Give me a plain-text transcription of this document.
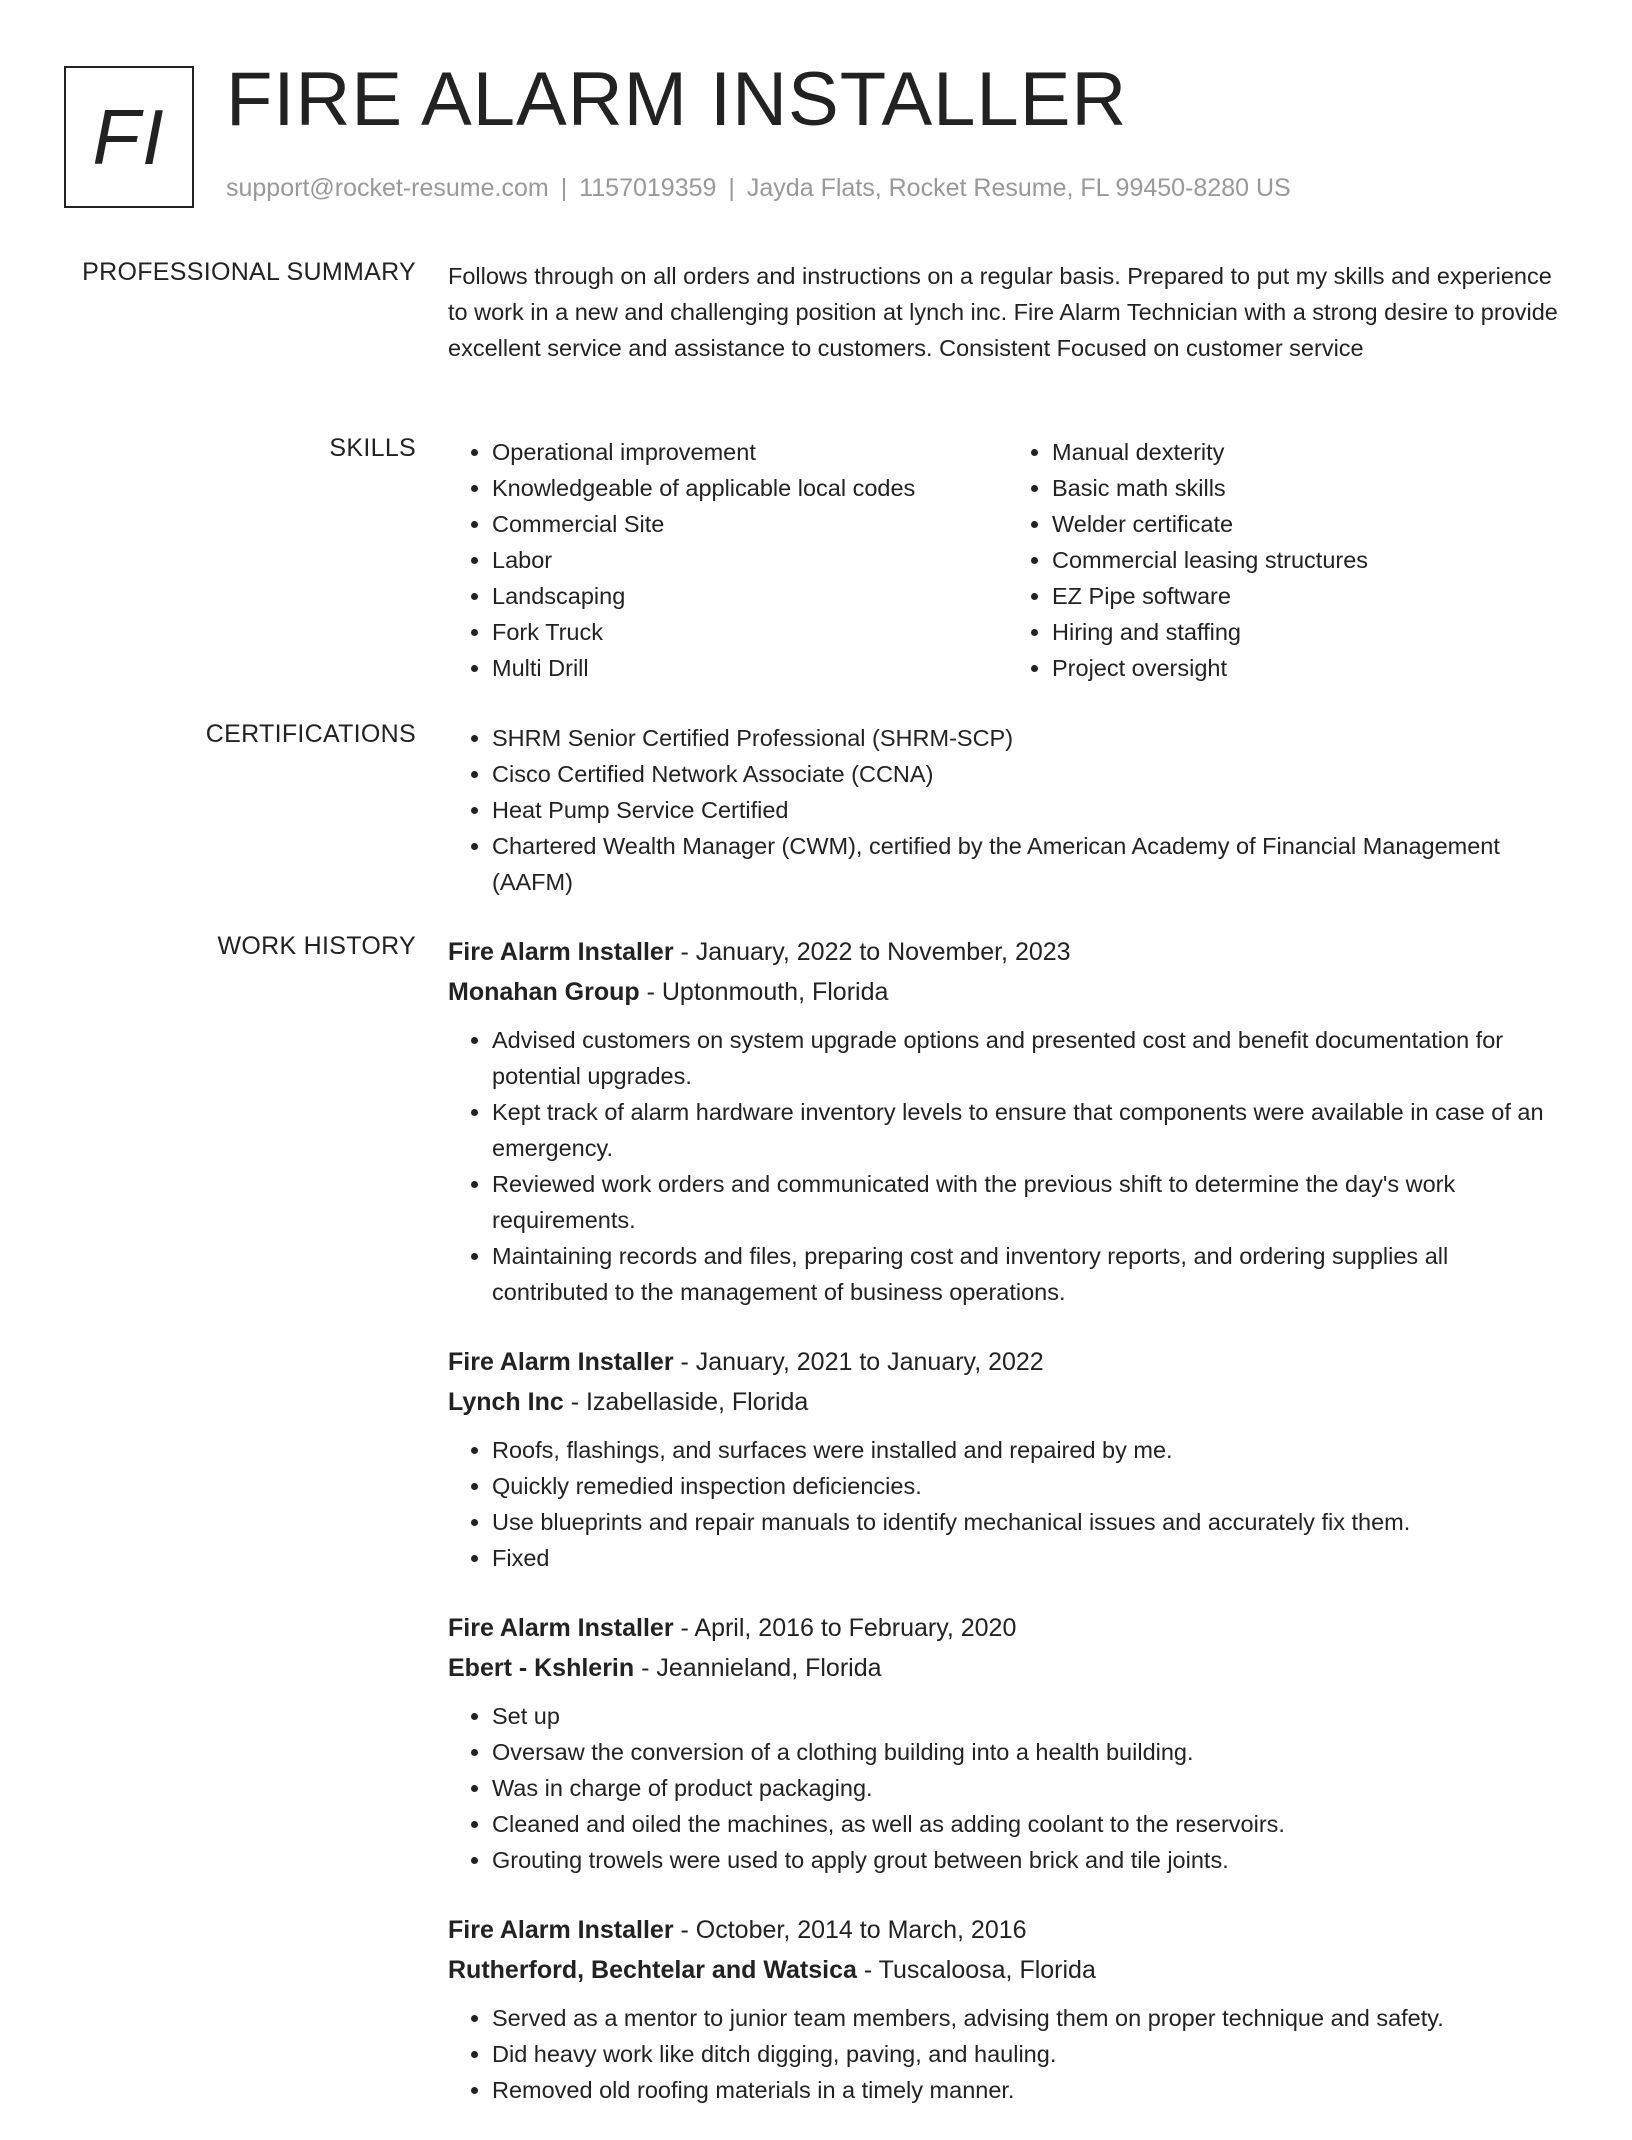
FI FIRE ALARM INSTALLER
support@rocket-resume.com | 1157019359 | Jayda Flats, Rocket Resume, FL 99450-8280 US
PROFESSIONAL SUMMARY Follows through on all orders and instructions on a regular basis. Prepared to put my skills and experience to work in a new and challenging position at lynch inc. Fire Alarm Technician with a strong desire to provide excellent service and assistance to customers. Consistent Focused on customer service
SKILLS	• Operational improvement
• Knowledgeable of applicable local codes
• Commercial Site
• Labor
• Landscaping
• Fork Truck
• Multi Drill
• Manual dexterity
• Basic math skills
• Welder certificate
• Commercial leasing structures
• EZ Pipe software
• Hiring and staffing
• Project oversight
CERTIFICATIONS	• SHRM Senior Certified Professional (SHRM-SCP)
• Cisco Certified Network Associate (CCNA)
• Heat Pump Service Certified
• Chartered Wealth Manager (CWM), certified by the American Academy of Financial Management (AAFM)
WORK HISTORY Fire Alarm Installer - January, 2022 to November, 2023
Monahan Group - Uptonmouth, Florida
• Advised customers on system upgrade options and presented cost and benefit documentation for potential upgrades.
• Kept track of alarm hardware inventory levels to ensure that components were available in case of an emergency.
• Reviewed work orders and communicated with the previous shift to determine the day's work requirements.
• Maintaining records and files, preparing cost and inventory reports, and ordering supplies all contributed to the management of business operations.
Fire Alarm Installer - January, 2021 to January, 2022
Lynch Inc - Izabellaside, Florida
• Roofs, flashings, and surfaces were installed and repaired by me.
• Quickly remedied inspection deficiencies.
• Use blueprints and repair manuals to identify mechanical issues and accurately fix them.
• Fixed
Fire Alarm Installer - April, 2016 to February, 2020
Ebert - Kshlerin - Jeannieland, Florida
• Set up
• Oversaw the conversion of a clothing building into a health building.
• Was in charge of product packaging.
• Cleaned and oiled the machines, as well as adding coolant to the reservoirs.
• Grouting trowels were used to apply grout between brick and tile joints.
Fire Alarm Installer - October, 2014 to March, 2016
Rutherford, Bechtelar and Watsica - Tuscaloosa, Florida
• Served as a mentor to junior team members, advising them on proper technique and safety.
• Did heavy work like ditch digging, paving, and hauling.
• Removed old roofing materials in a timely manner.
